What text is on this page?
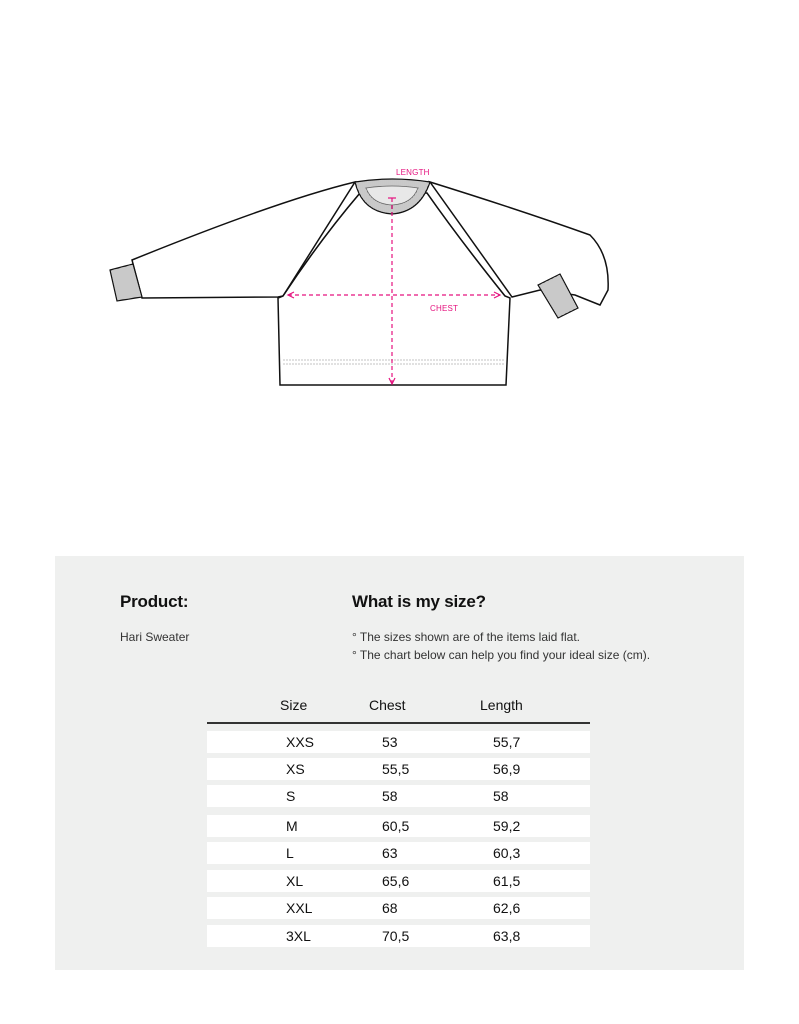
LENGTH
CHEST
Product:
Hari Sweater
What is my size?
° The sizes shown are of the items laid flat.
° The chart below can help you find your ideal size (cm).
Size	Chest	Length
XXS	53	55,7
XS	55,5	56,9
S	58	58
M	60,5	59,2
L	63	60,3
XL	65,6	61,5
XXL	68	62,6
3XL	70,5	63,8
